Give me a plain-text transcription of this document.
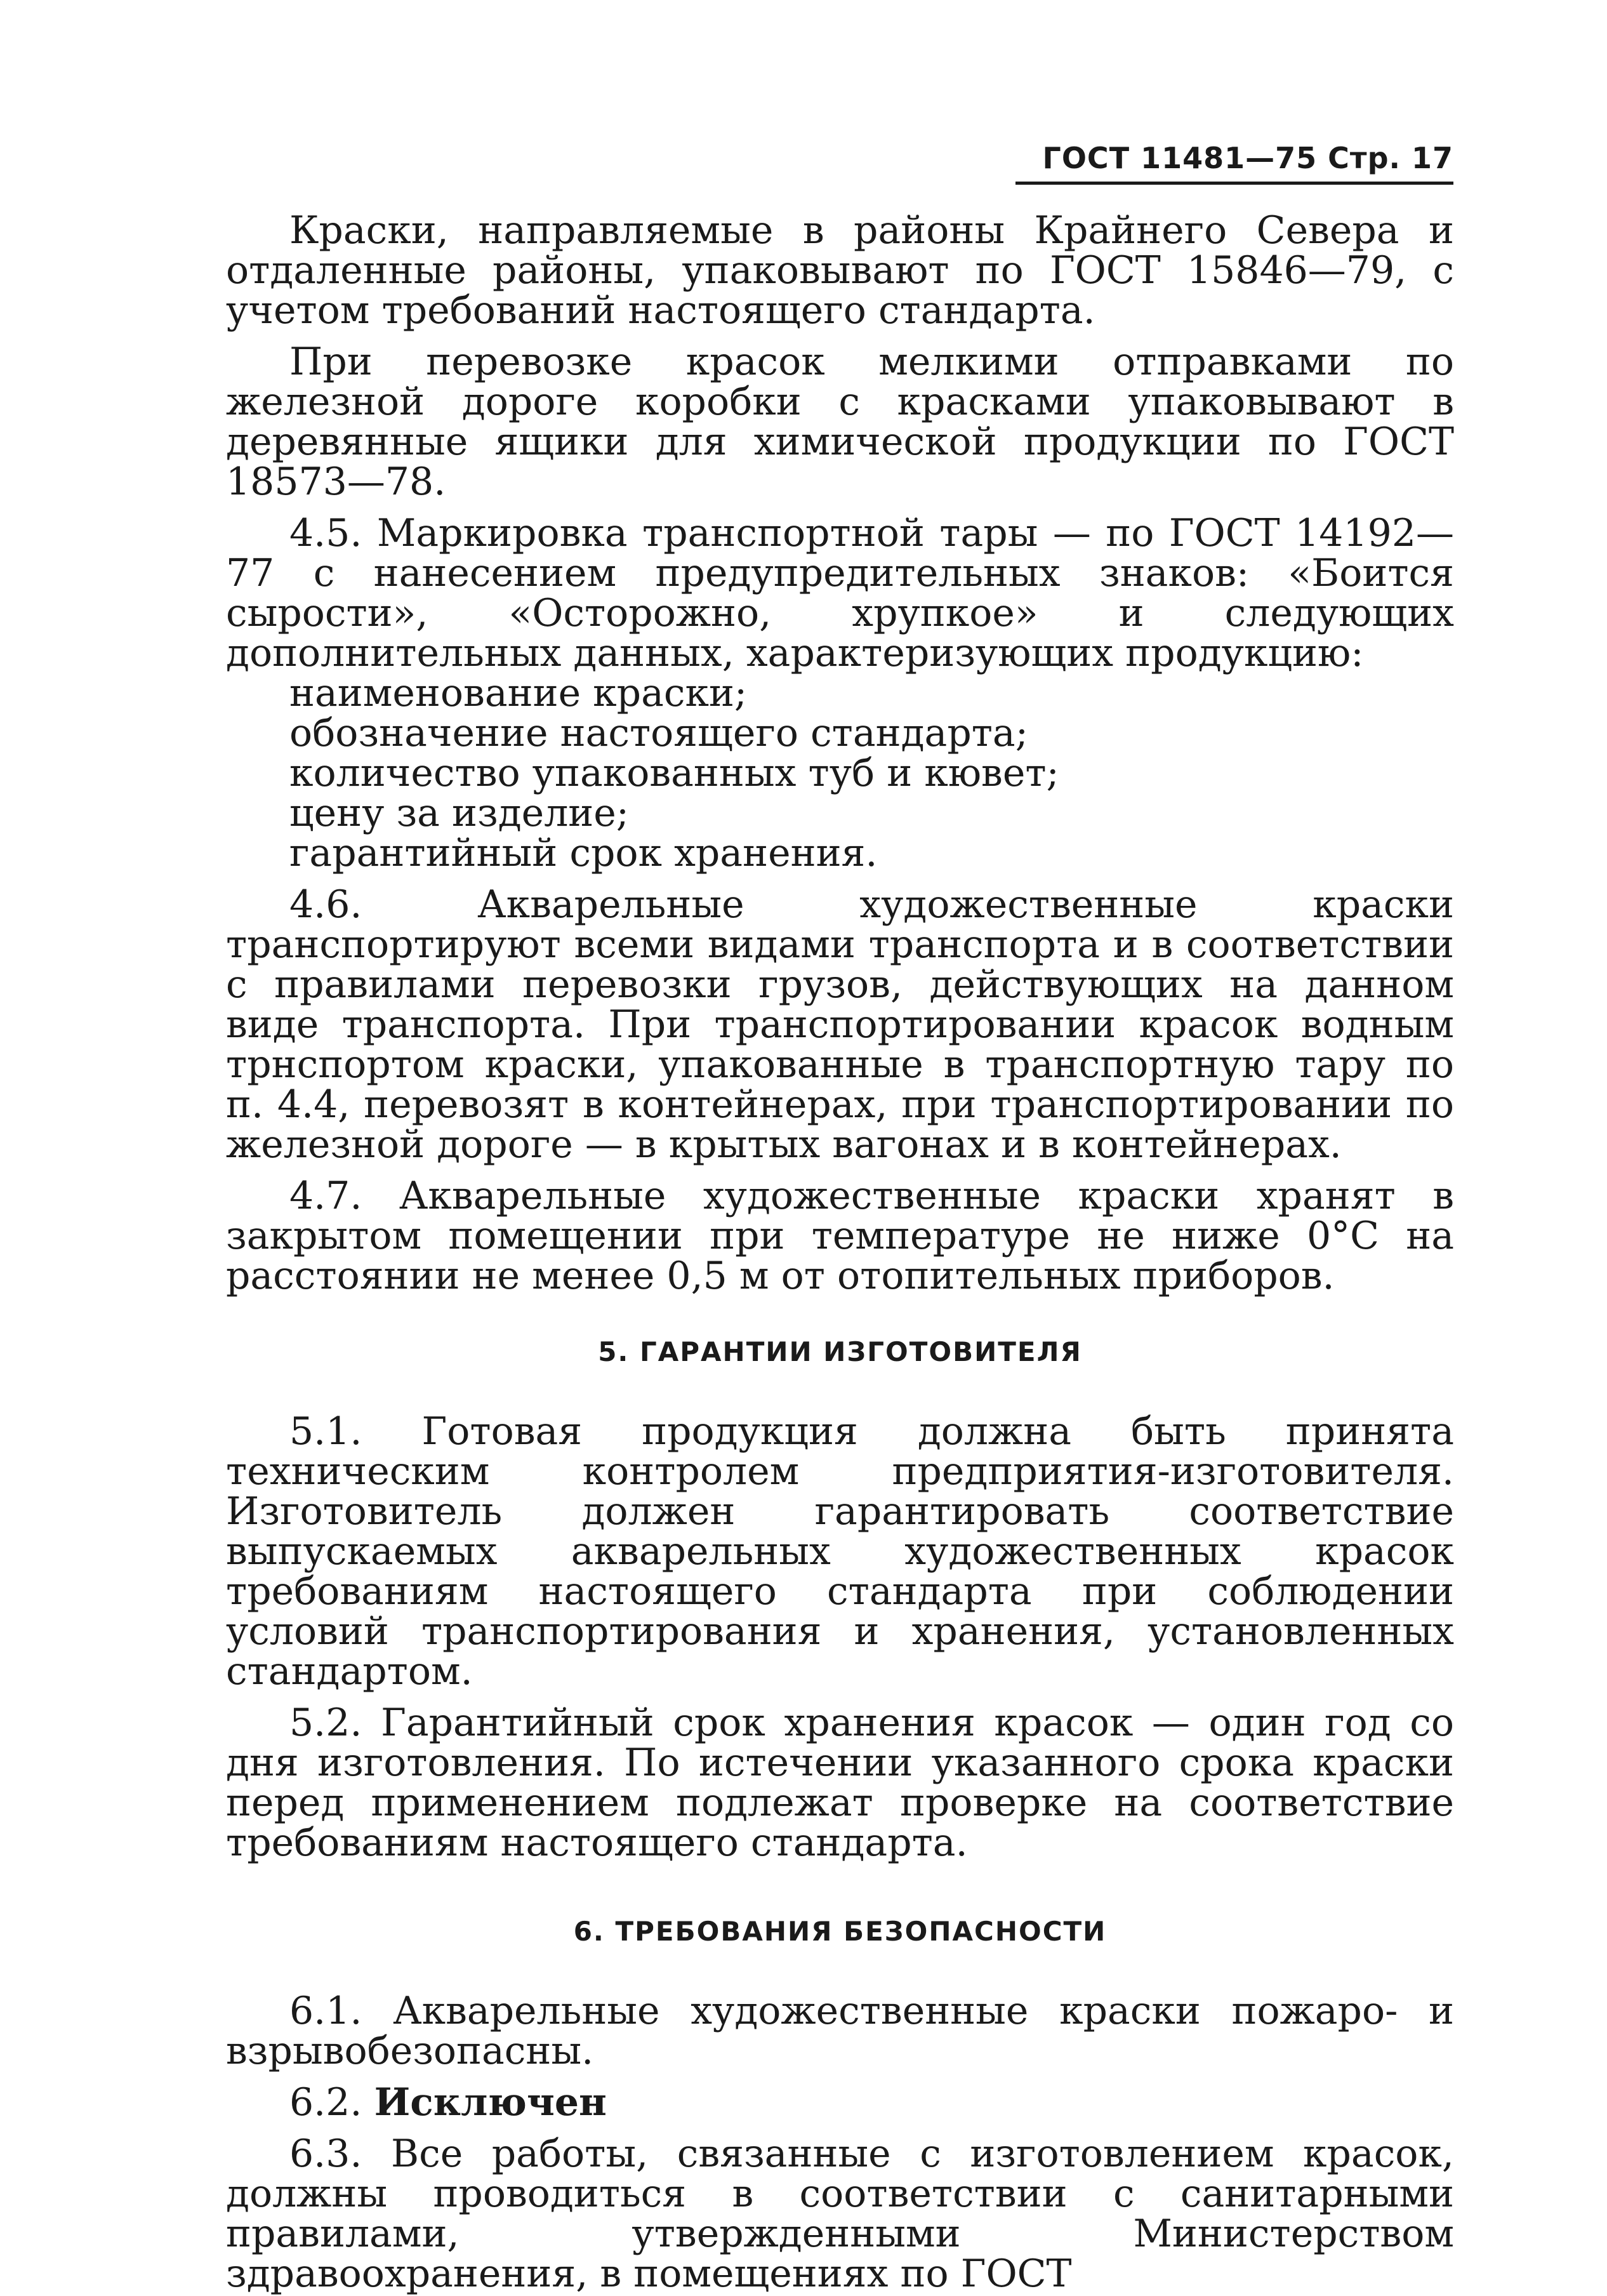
ГОСТ 11481—75 Стр. 17

Краски, направляемые в районы Крайнего Севера и отдаленные районы, упаковывают по ГОСТ 15846—79, с учетом требований настоящего стандарта.

При перевозке красок мелкими отправками по железной дороге коробки с красками упаковывают в деревянные ящики для химической продукции по ГОСТ 18573—78.

4.5. Маркировка транспортной тары — по ГОСТ 14192—77 с нанесением предупредительных знаков: «Боится сырости», «Осторожно, хрупкое» и следующих дополнительных данных, характеризующих продукцию:

наименование краски;

обозначение настоящего стандарта;

количество упакованных туб и кювет;

цену за изделие;

гарантийный срок хранения.

4.6. Акварельные художественные краски транспортируют всеми видами транспорта и в соответствии с правилами перевозки грузов, действующих на данном виде транспорта. При транспортировании красок водным трнспортом краски, упакованные в транспортную тару по п. 4.4, перевозят в контейнерах, при транспортировании по железной дороге — в крытых вагонах и в контейнерах.

4.7. Акварельные художественные краски хранят в закрытом помещении при температуре не ниже 0°С на расстоянии не менее 0,5 м от отопительных приборов.

5. ГАРАНТИИ ИЗГОТОВИТЕЛЯ

5.1. Готовая продукция должна быть принята техническим контролем предприятия-изготовителя. Изготовитель должен гарантировать соответствие выпускаемых акварельных художественных красок требованиям настоящего стандарта при соблюдении условий транспортирования и хранения, установленных стандартом.

5.2. Гарантийный срок хранения красок — один год со дня изготовления. По истечении указанного срока краски перед применением подлежат проверке на соответствие требованиям настоящего стандарта.

6. ТРЕБОВАНИЯ БЕЗОПАСНОСТИ

6.1. Акварельные художественные краски пожаро- и взрывобезопасны.

6.2. Исключен

6.3. Все работы, связанные с изготовлением красок, должны проводиться в соответствии с санитарными правилами, утвержденными Министерством здравоохранения, в помещениях по ГОСТ
